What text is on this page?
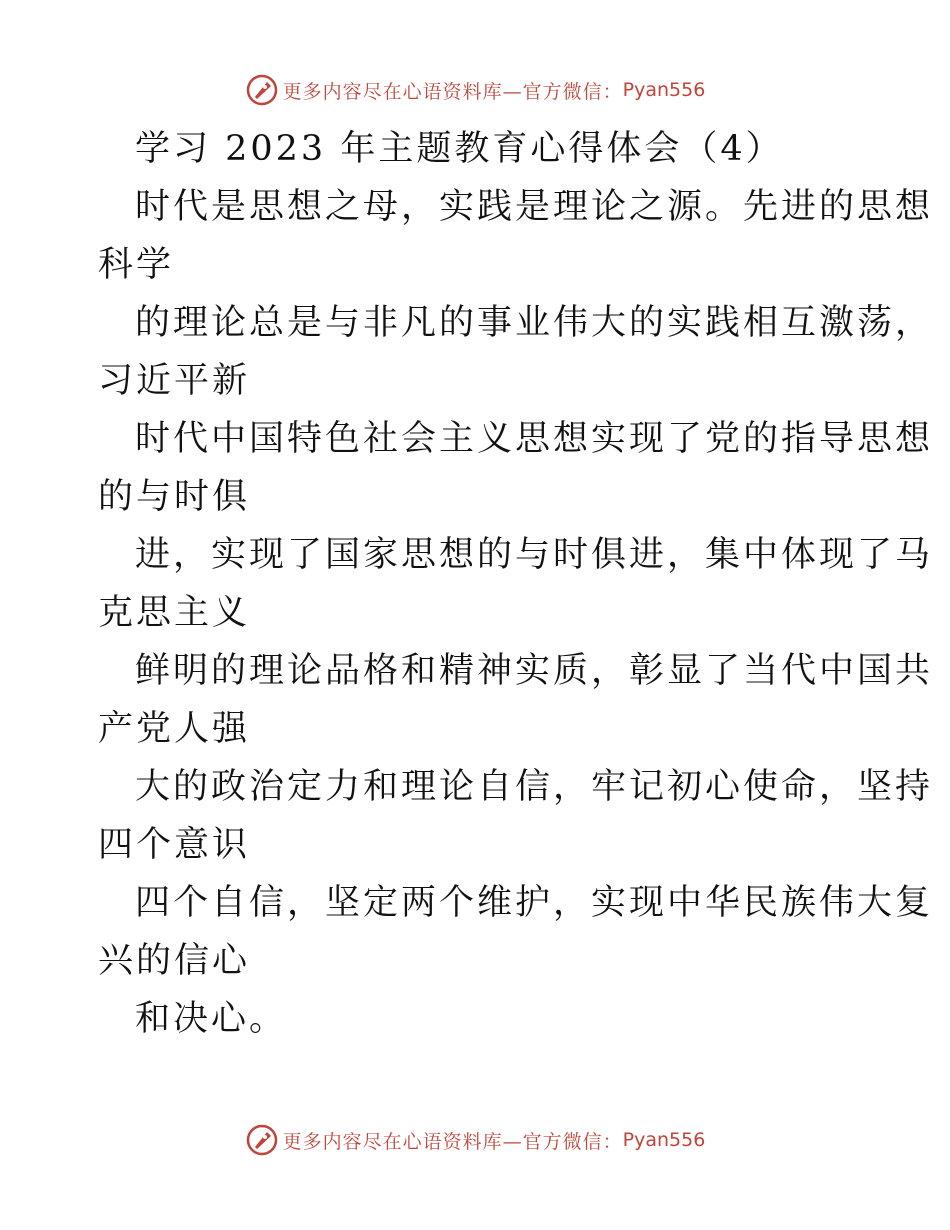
更多内容尽在心语资料库—官方微信： Pyan556
学习 2023 年主题教育心得体会（4）
时代是思想之母，实践是理论之源。先进的思想
科学
的理论总是与非凡的事业伟大的实践相互激荡，
习近平新
时代中国特色社会主义思想实现了党的指导思想
的与时俱
进，实现了国家思想的与时俱进，集中体现了马
克思主义
鲜明的理论品格和精神实质，彰显了当代中国共
产党人强
大的政治定力和理论自信，牢记初心使命，坚持
四个意识
四个自信，坚定两个维护，实现中华民族伟大复
兴的信心
和决心。
更多内容尽在心语资料库—官方微信： Pyan556
